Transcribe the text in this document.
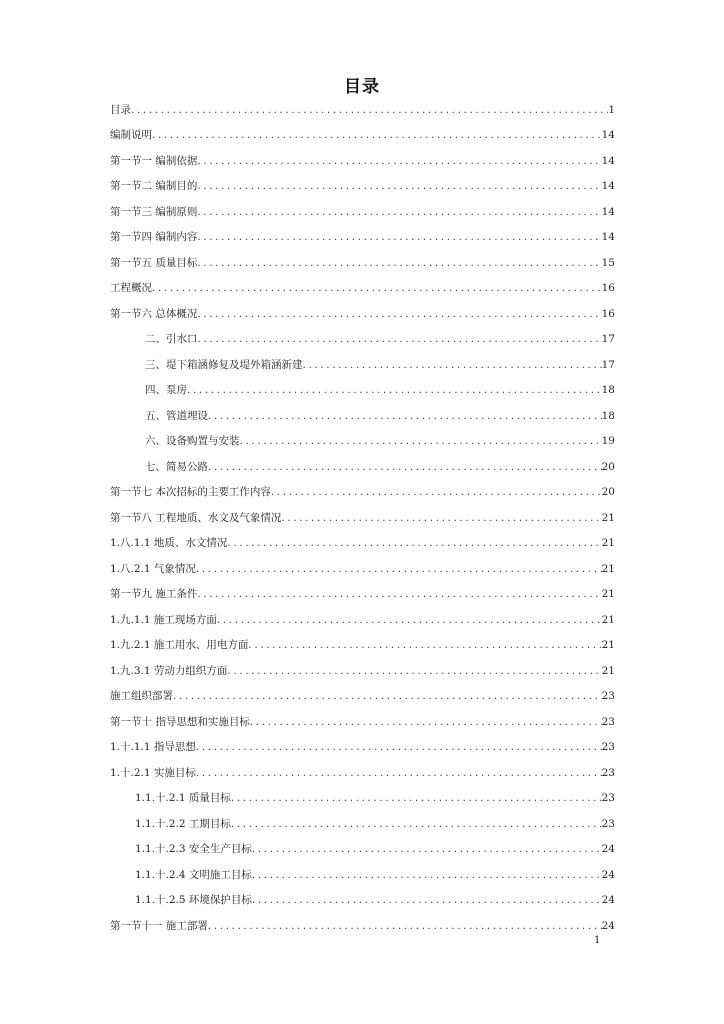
目录
目录 .....	1
编制说明 .....	14
第一节一 编制依据 .....	14
第一节二 编制目的 .....	14
第一节三 编制原则 .....	14
第一节四 编制内容 .....	14
第一节五 质量目标 .....	15
工程概况 .....	16
第一节六 总体概况 .....	16
二、引水口 .....	17
三、堤下箱涵修复及堤外箱涵新建 .....	17
四、泵房 .....	18
五、管道埋设 .....	18
六、设备购置与安装 .....	19
七、简易公路 .....	20
第一节七 本次招标的主要工作内容 .....	20
第一节八 工程地质、水文及气象情况 .....	21
1.八.1.1 地质、水文情况 .....	21
1.八.2.1 气象情况 .....	21
第一节九 施工条件 .....	21
1.九.1.1 施工现场方面 .....	21
1.九.2.1 施工用水、用电方面 .....	21
1.九.3.1 劳动力组织方面 .....	21
施工组织部署 .....	23
第一节十 指导思想和实施目标 .....	23
1.十.1.1 指导思想 .....	23
1.十.2.1 实施目标 .....	23
1.1.十.2.1 质量目标 .....	23
1.1.十.2.2 工期目标 .....	23
1.1.十.2.3 安全生产目标 .....	24
1.1.十.2.4 文明施工目标 .....	24
1.1.十.2.5 环境保护目标 .....	24
第一节十一 施工部署 .....	24
1
